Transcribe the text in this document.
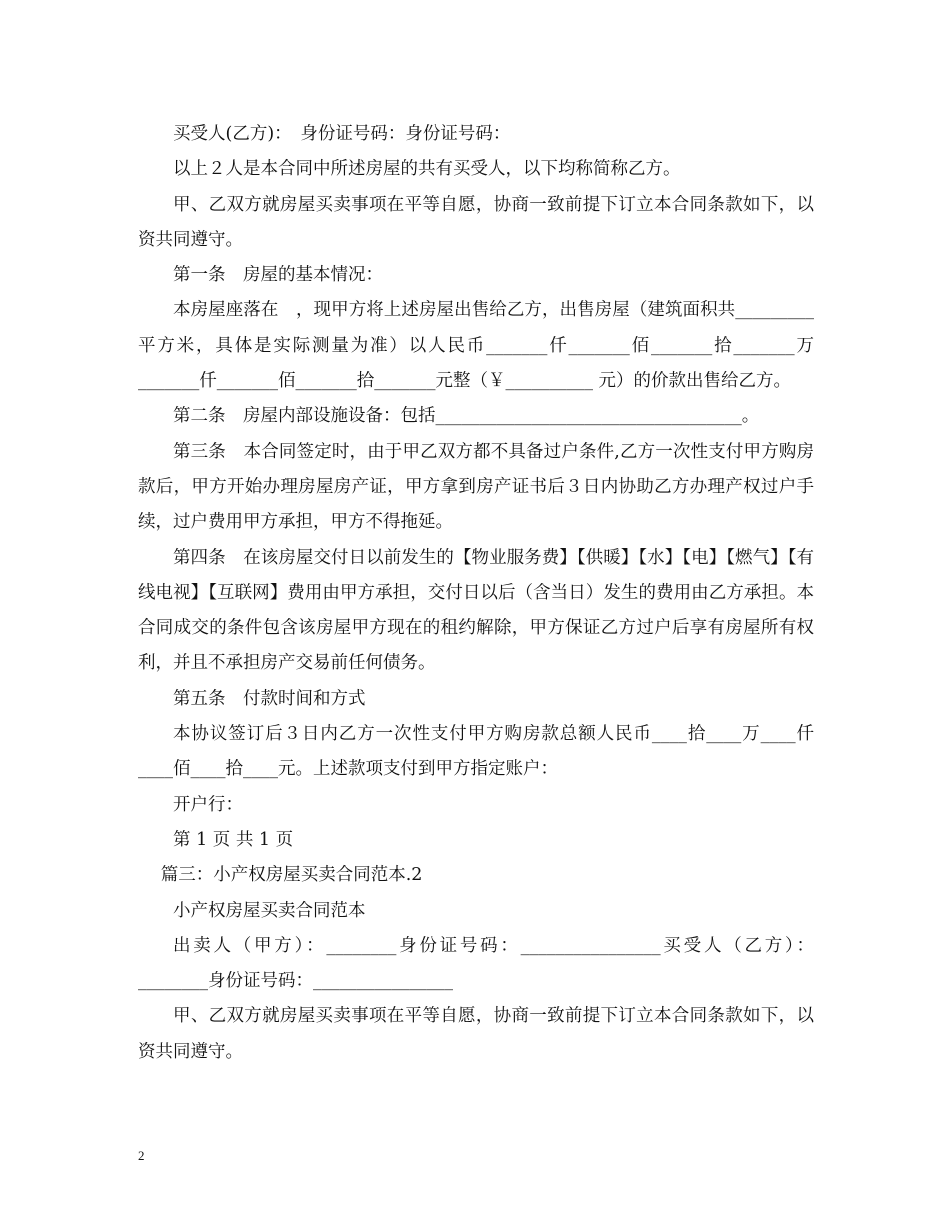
买受人(乙方)：　身份证号码：身份证号码：

以上２人是本合同中所述房屋的共有买受人，以下均称简称乙方。

甲、乙双方就房屋买卖事项在平等自愿，协商一致前提下订立本合同条款如下，以资共同遵守。

第一条　房屋的基本情况：

本房屋座落在　，现甲方将上述房屋出售给乙方，出售房屋（建筑面积共_________平方米，具体是实际测量为准）以人民币_______仟_______佰_______拾_______万_______仟_______佰_______拾_______元整（￥__________ 元）的价款出售给乙方。

第二条　房屋内部设施设备：包括___________________________________。

第三条　本合同签定时，由于甲乙双方都不具备过户条件,乙方一次性支付甲方购房款后，甲方开始办理房屋房产证，甲方拿到房产证书后３日内协助乙方办理产权过户手续，过户费用甲方承担，甲方不得拖延。

第四条　在该房屋交付日以前发生的【物业服务费】【供暖】【水】【电】【燃气】【有线电视】【互联网】费用由甲方承担，交付日以后（含当日）发生的费用由乙方承担。本合同成交的条件包含该房屋甲方现在的租约解除，甲方保证乙方过户后享有房屋所有权利，并且不承担房产交易前任何债务。

第五条　付款时间和方式

本协议签订后３日内乙方一次性支付甲方购房款总额人民币____拾____万____仟____佰____拾____元。上述款项支付到甲方指定账户：

开户行：

第 1 页 共 1 页

篇三：小产权房屋买卖合同范本.2

小产权房屋买卖合同范本

出卖人（甲方）：________身份证号码：________________买受人（乙方）：________身份证号码：________________

甲、乙双方就房屋买卖事项在平等自愿，协商一致前提下订立本合同条款如下，以资共同遵守。

2
